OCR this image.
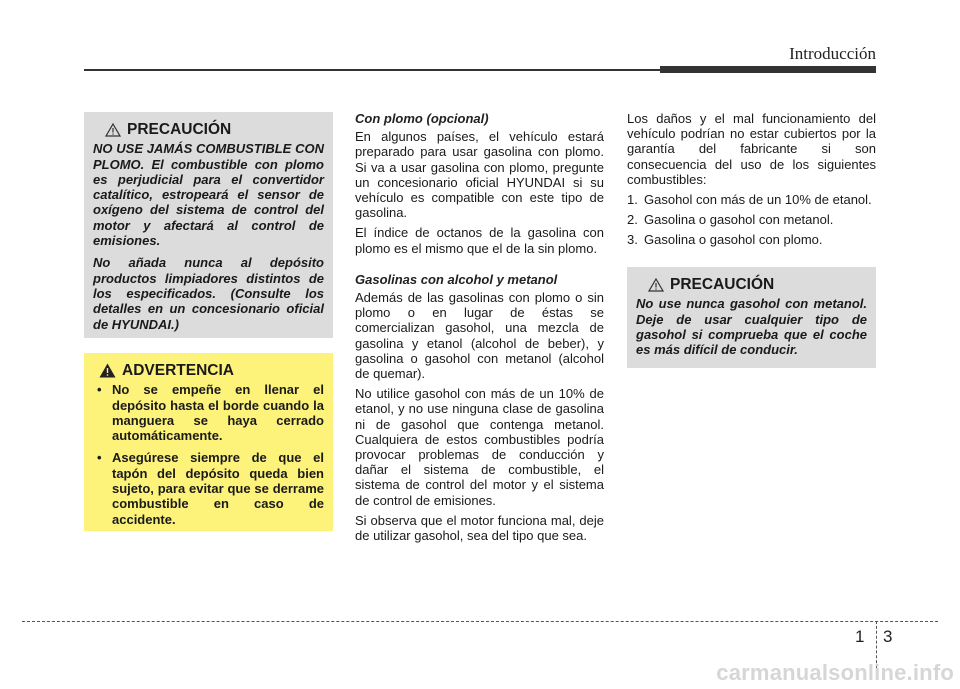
Introducción
PRECAUCIÓN

NO USE JAMÁS COMBUSTIBLE CON PLOMO. El combustible con plomo es perjudicial para el convertidor catalítico, estropeará el sensor de oxígeno del sistema de control del motor y afectará al control de emisiones.

No añada nunca al depósito productos limpiadores distintos de los especificados. (Consulte los detalles en un concesionario oficial de HYUNDAI.)

ADVERTENCIA
• No se empeñe en llenar el depósito hasta el borde cuando la manguera se haya cerrado automáticamente.
• Asegúrese siempre de que el tapón del depósito queda bien sujeto, para evitar que se derrame combustible en caso de accidente.
Con plomo (opcional)

En algunos países, el vehículo estará preparado para usar gasolina con plomo. Si va a usar gasolina con plomo, pregunte un concesionario oficial HYUNDAI si su vehículo es compatible con este tipo de gasolina.

El índice de octanos de la gasolina con plomo es el mismo que el de la sin plomo.

Gasolinas con alcohol y metanol

Además de las gasolinas con plomo o sin plomo o en lugar de éstas se comercializan gasohol, una mezcla de gasolina y etanol (alcohol de beber), y gasolina o gasohol con metanol (alcohol de quemar).

No utilice gasohol con más de un 10% de etanol, y no use ninguna clase de gasolina ni de gasohol que contenga metanol. Cualquiera de estos combustibles podría provocar problemas de conducción y dañar el sistema de combustible, el sistema de control del motor y el sistema de control de emisiones.

Si observa que el motor funciona mal, deje de utilizar gasohol, sea del tipo que sea.

Los daños y el mal funcionamiento del vehículo podrían no estar cubiertos por la garantía del fabricante si son consecuencia del uso de los siguientes combustibles:

1. Gasohol con más de un 10% de etanol.
2. Gasolina o gasohol con metanol.
3. Gasolina o gasohol con plomo.
PRECAUCIÓN

No use nunca gasohol con metanol. Deje de usar cualquier tipo de gasohol si comprueba que el coche es más difícil de conducir.

1 3
carmanualsonline.info
